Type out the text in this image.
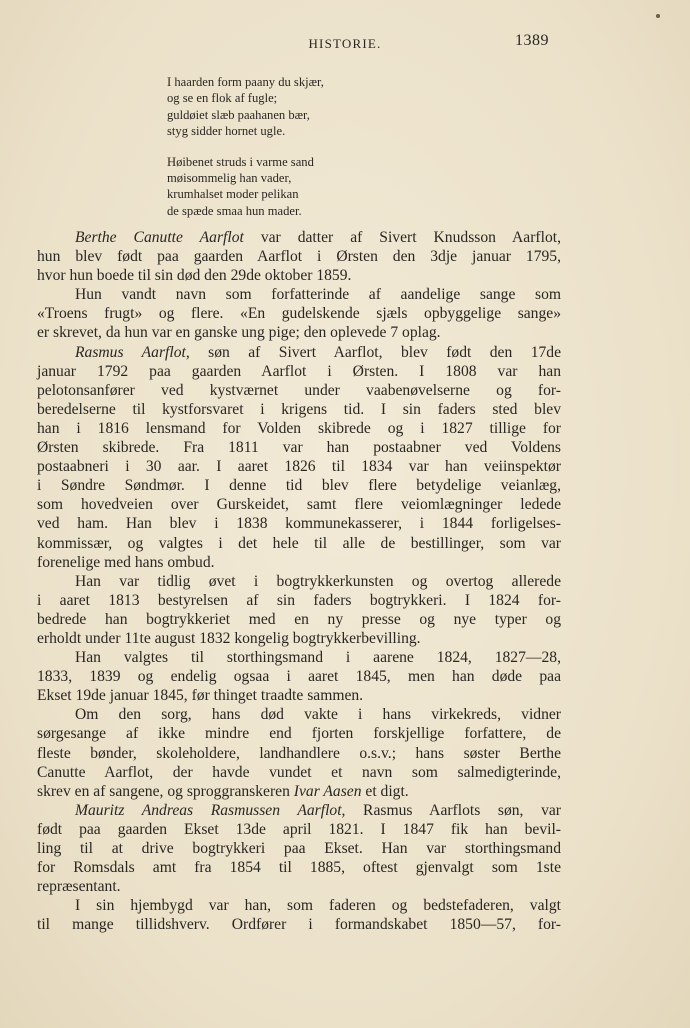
HISTORIE.	1389
I haarden form paany du skjær,
og se en flok af fugle;
guldøiet slæb paahanen bær,
styg sidder hornet ugle.
Høibenet struds i varme sand
møisommelig han vader,
krumhalset moder pelikan
de spæde smaa hun mader.
Berthe Canutte Aarflot var datter af Sivert Knudsson Aarflot,
hun blev født paa gaarden Aarflot i Ørsten den 3dje januar 1795,
hvor hun boede til sin død den 29de oktober 1859.
Hun vandt navn som forfatterinde af aandelige sange som
«Troens frugt» og flere. «En gudelskende sjæls opbyggelige sange»
er skrevet, da hun var en ganske ung pige; den oplevede 7 oplag.
Rasmus Aarflot, søn af Sivert Aarflot, blev født den 17de
januar 1792 paa gaarden Aarflot i Ørsten. I 1808 var han
pelotonsanfører ved kystværnet under vaabenøvelserne og for-
beredelserne til kystforsvaret i krigens tid. I sin faders sted blev
han i 1816 lensmand for Volden skibrede og i 1827 tillige for
Ørsten skibrede. Fra 1811 var han postaabner ved Voldens
postaabneri i 30 aar. I aaret 1826 til 1834 var han veiinspektør
i Søndre Søndmør. I denne tid blev flere betydelige veianlæg,
som hovedveien over Gurskeidet, samt flere veiomlægninger ledede
ved ham. Han blev i 1838 kommunekasserer, i 1844 forligelses-
kommissær, og valgtes i det hele til alle de bestillinger, som var
forenelige med hans ombud.
Han var tidlig øvet i bogtrykkerkunsten og overtog allerede
i aaret 1813 bestyrelsen af sin faders bogtrykkeri. I 1824 for-
bedrede han bogtrykkeriet med en ny presse og nye typer og
erholdt under 11te august 1832 kongelig bogtrykkerbevilling.
Han valgtes til storthingsmand i aarene 1824, 1827—28,
1833, 1839 og endelig ogsaa i aaret 1845, men han døde paa
Ekset 19de januar 1845, før thinget traadte sammen.
Om den sorg, hans død vakte i hans virkekreds, vidner
sørgesange af ikke mindre end fjorten forskjellige forfattere, de
fleste bønder, skoleholdere, landhandlere o.s.v.; hans søster Berthe
Canutte Aarflot, der havde vundet et navn som salmedigterinde,
skrev en af sangene, og sproggranskeren Ivar Aasen et digt.
Mauritz Andreas Rasmussen Aarflot, Rasmus Aarflots søn, var
født paa gaarden Ekset 13de april 1821. I 1847 fik han bevil-
ling til at drive bogtrykkeri paa Ekset. Han var storthingsmand
for Romsdals amt fra 1854 til 1885, oftest gjenvalgt som 1ste
repræsentant.
I sin hjembygd var han, som faderen og bedstefaderen, valgt
til mange tillidshverv. Ordfører i formandskabet 1850—57, for-
